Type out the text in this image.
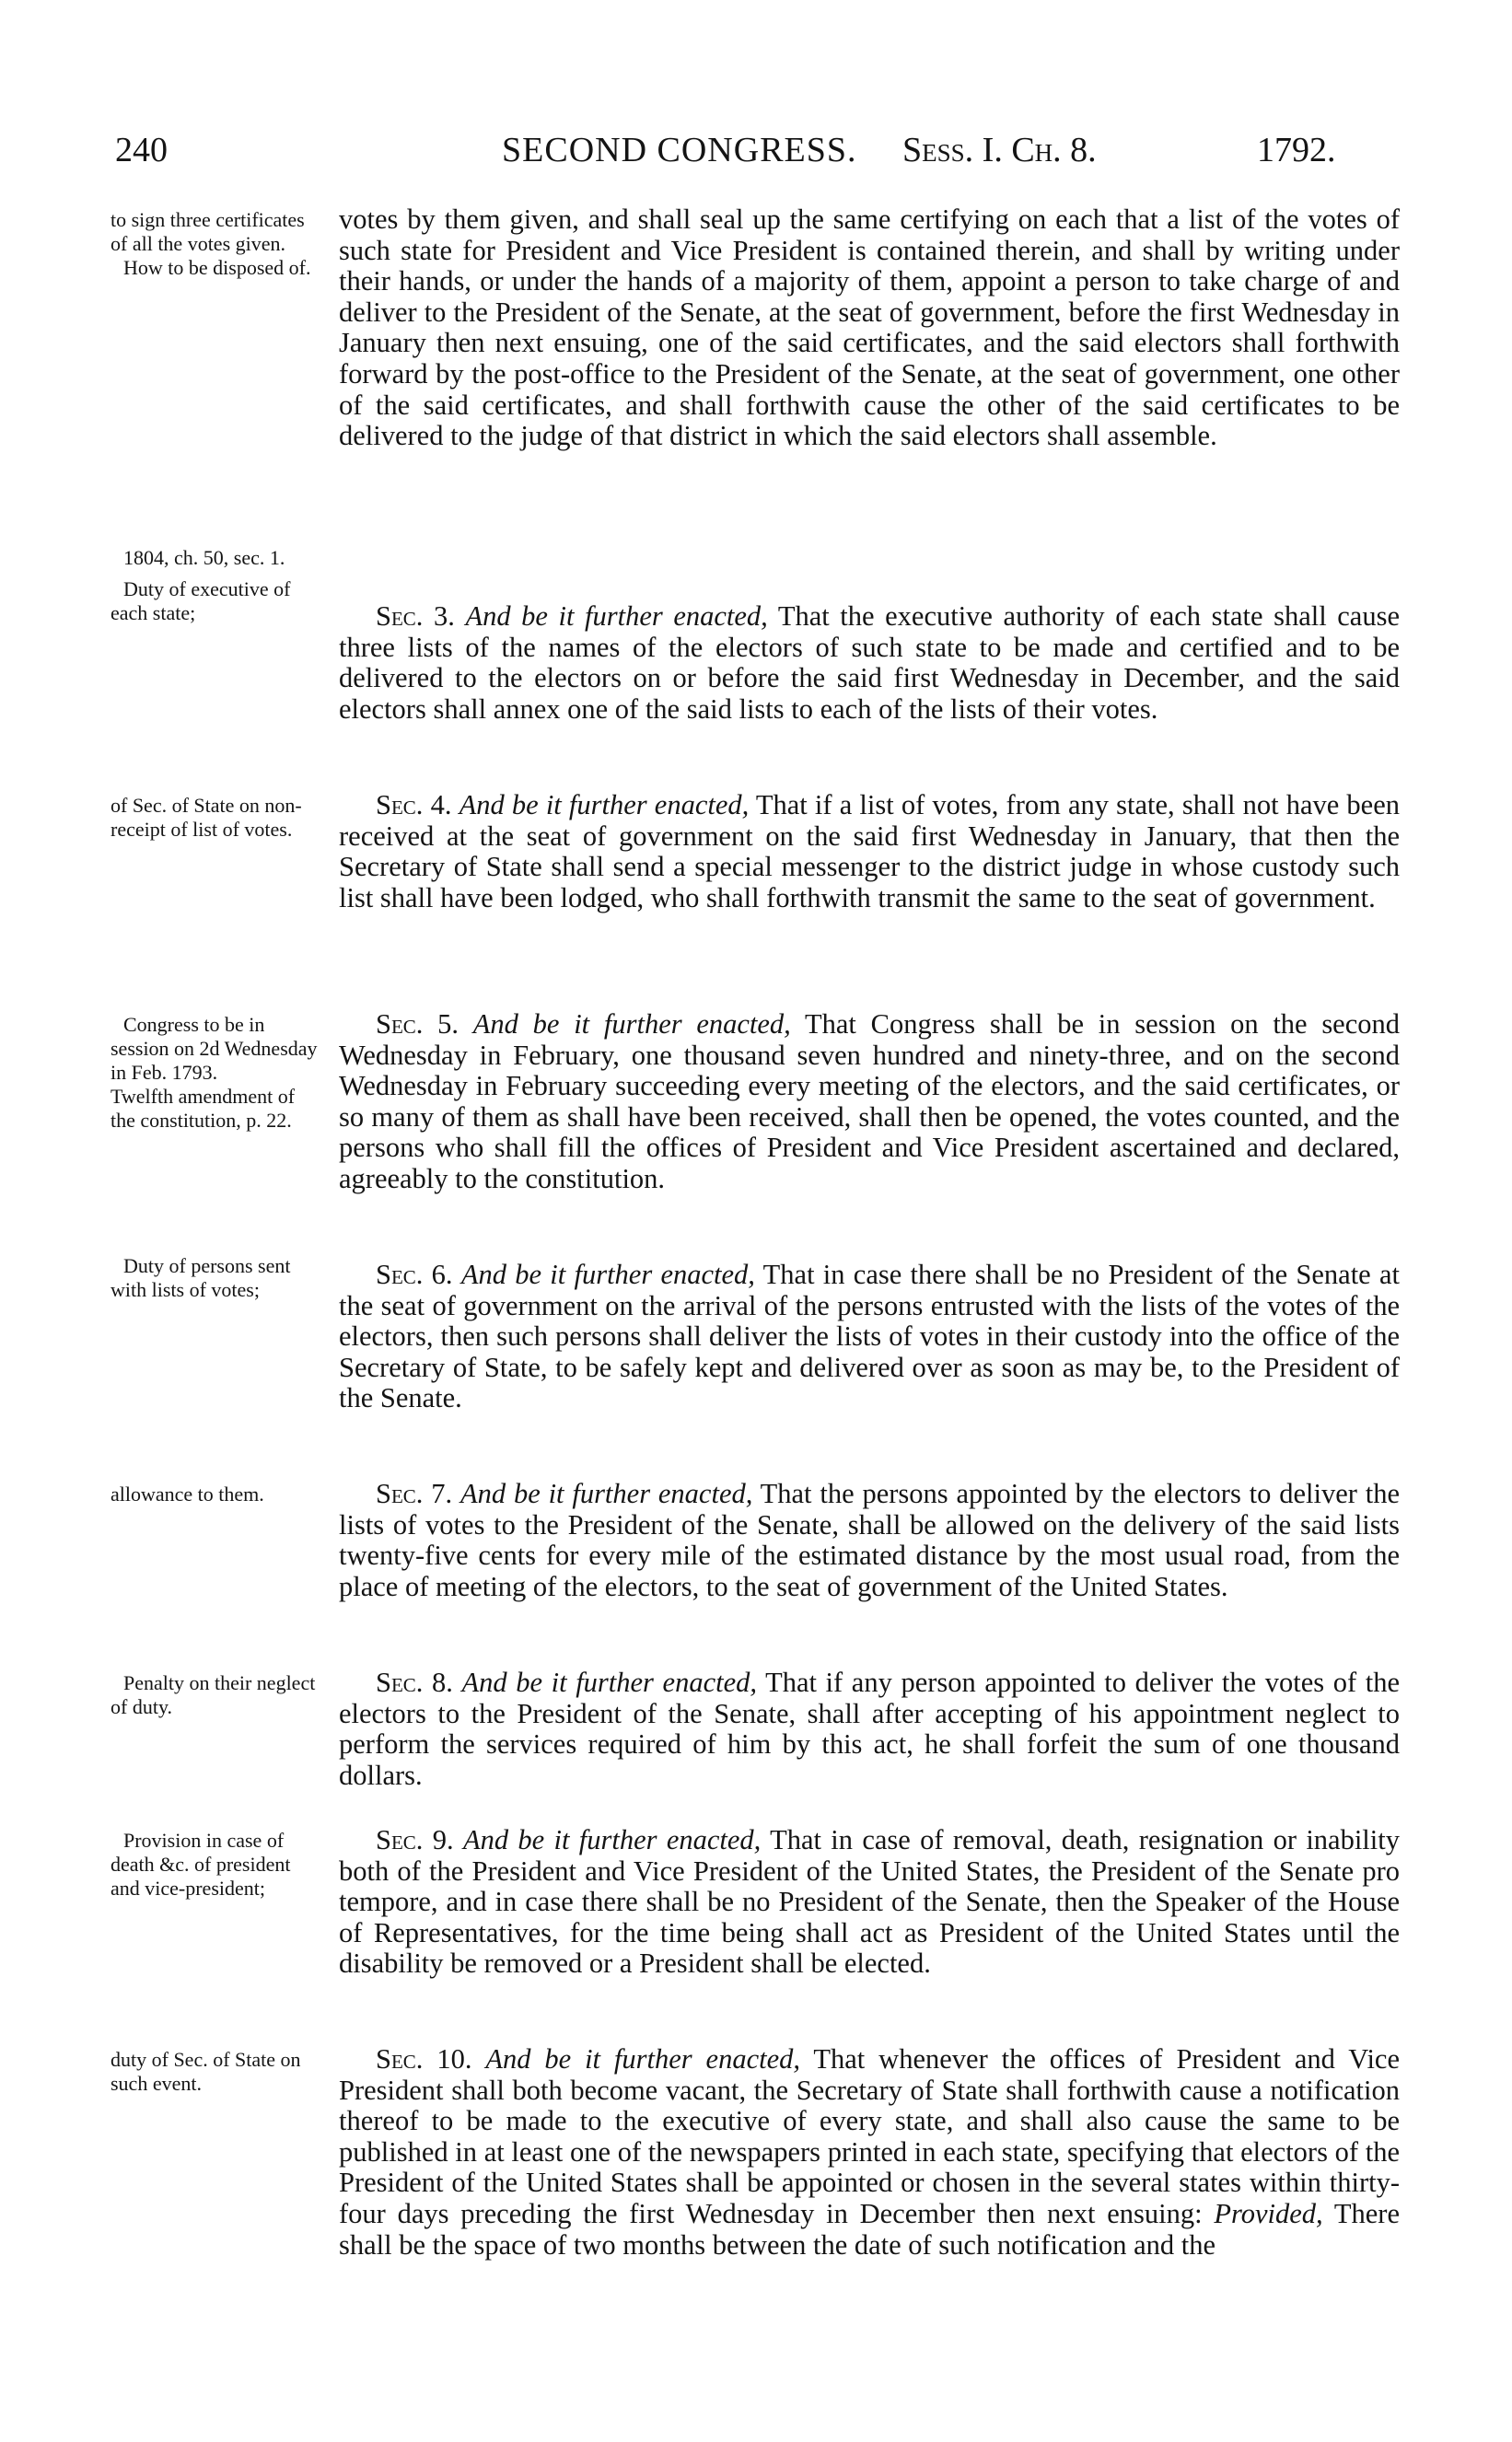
240	SECOND CONGRESS. Sess. I. Ch. 8.	1792.

to sign three certificates of all the votes given.

How to be disposed of.

votes by them given, and shall seal up the same certifying on each that a list of the votes of such state for President and Vice President is contained therein, and shall by writing under their hands, or under the hands of a majority of them, appoint a person to take charge of and deliver to the President of the Senate, at the seat of government, before the first Wednesday in January then next ensuing, one of the said certificates, and the said electors shall forthwith forward by the post-office to the President of the Senate, at the seat of government, one other of the said certificates, and shall forthwith cause the other of the said certificates to be delivered to the judge of that district in which the said electors shall assemble.

1804, ch. 50, sec. 1.

Duty of executive of each state;	Sec. 3. And be it further enacted, That the executive authority of each state shall cause three lists of the names of the electors of such state to be made and certified and to be delivered to the electors on or before the said first Wednesday in December, and the said electors shall annex one of the said lists to each of the lists of their votes.

of Sec. of State on non-receipt of list of votes.

Sec. 4. And be it further enacted, That if a list of votes, from any state, shall not have been received at the seat of government on the said first Wednesday in January, that then the Secretary of State shall send a special messenger to the district judge in whose custody such list shall have been lodged, who shall forthwith transmit the same to the seat of government.

Congress to be in session on 2d Wednesday in Feb. 1793.

Twelfth amendment of the constitution, p. 22.

Sec. 5. And be it further enacted, That Congress shall be in session on the second Wednesday in February, one thousand seven hundred and ninety-three, and on the second Wednesday in February succeeding every meeting of the electors, and the said certificates, or so many of them as shall have been received, shall then be opened, the votes counted, and the persons who shall fill the offices of President and Vice President ascertained and declared, agreeably to the constitution.

Duty of persons sent with lists of votes;	Sec. 6. And be it further enacted, That in case there shall be no President of the Senate at the seat of government on the arrival of the persons entrusted with the lists of the votes of the electors, then such persons shall deliver the lists of votes in their custody into the office of the Secretary of State, to be safely kept and delivered over as soon as may be, to the President of the Senate.

allowance to them.	Sec. 7. And be it further enacted, That the persons appointed by the electors to deliver the lists of votes to the President of the Senate, shall be allowed on the delivery of the said lists twenty-five cents for every mile of the estimated distance by the most usual road, from the place of meeting of the electors, to the seat of government of the United States.

Penalty on their neglect of duty.

Sec. 8. And be it further enacted, That if any person appointed to deliver the votes of the electors to the President of the Senate, shall after accepting of his appointment neglect to perform the services required of him by this act, he shall forfeit the sum of one thousand dollars.

Provision in case of death &c. of president and vice-president;

Sec. 9. And be it further enacted, That in case of removal, death, resignation or inability both of the President and Vice President of the United States, the President of the Senate pro tempore, and in case there shall be no President of the Senate, then the Speaker of the House of Representatives, for the time being shall act as President of the United States until the disability be removed or a President shall be elected.

duty of Sec. of State on such event.

Sec. 10. And be it further enacted, That whenever the offices of President and Vice President shall both become vacant, the Secretary of State shall forthwith cause a notification thereof to be made to the executive of every state, and shall also cause the same to be published in at least one of the newspapers printed in each state, specifying that electors of the President of the United States shall be appointed or chosen in the several states within thirty-four days preceding the first Wednesday in December then next ensuing: Provided, There shall be the space of two months between the date of such notification and the
